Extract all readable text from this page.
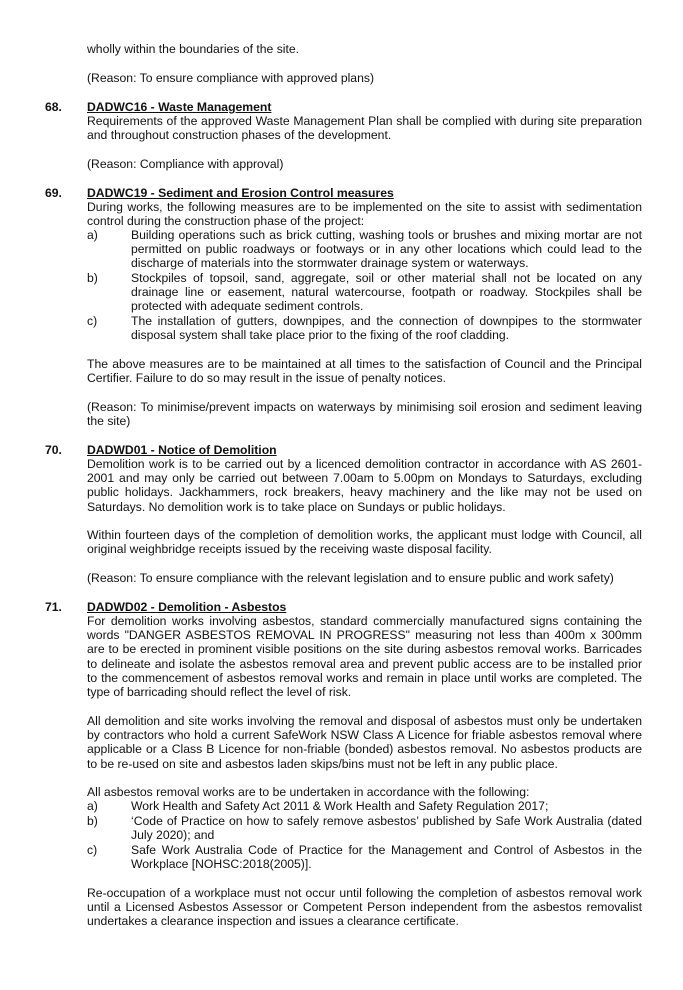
wholly within the boundaries of the site.

(Reason: To ensure compliance with approved plans)

68. DADWC16 - Waste Management

Requirements of the approved Waste Management Plan shall be complied with during site preparation and throughout construction phases of the development.

(Reason: Compliance with approval)

69. DADWC19 - Sediment and Erosion Control measures

During works, the following measures are to be implemented on the site to assist with sedimentation control during the construction phase of the project:

a)	Building operations such as brick cutting, washing tools or brushes and mixing mortar are not permitted on public roadways or footways or in any other locations which could lead to the discharge of materials into the stormwater drainage system or waterways.

b)	Stockpiles of topsoil, sand, aggregate, soil or other material shall not be located on any drainage line or easement, natural watercourse, footpath or roadway. Stockpiles shall be protected with adequate sediment controls.

c)	The installation of gutters, downpipes, and the connection of downpipes to the stormwater disposal system shall take place prior to the fixing of the roof cladding.

The above measures are to be maintained at all times to the satisfaction of Council and the Principal Certifier. Failure to do so may result in the issue of penalty notices.

(Reason: To minimise/prevent impacts on waterways by minimising soil erosion and sediment leaving the site)

70. DADWD01 - Notice of Demolition

Demolition work is to be carried out by a licenced demolition contractor in accordance with AS 2601-2001 and may only be carried out between 7.00am to 5.00pm on Mondays to Saturdays, excluding public holidays. Jackhammers, rock breakers, heavy machinery and the like may not be used on Saturdays. No demolition work is to take place on Sundays or public holidays.

Within fourteen days of the completion of demolition works, the applicant must lodge with Council, all original weighbridge receipts issued by the receiving waste disposal facility.

(Reason: To ensure compliance with the relevant legislation and to ensure public and work safety)

71. DADWD02 - Demolition - Asbestos

For demolition works involving asbestos, standard commercially manufactured signs containing the words "DANGER ASBESTOS REMOVAL IN PROGRESS" measuring not less than 400m x 300mm are to be erected in prominent visible positions on the site during asbestos removal works. Barricades to delineate and isolate the asbestos removal area and prevent public access are to be installed prior to the commencement of asbestos removal works and remain in place until works are completed. The type of barricading should reflect the level of risk.

All demolition and site works involving the removal and disposal of asbestos must only be undertaken by contractors who hold a current SafeWork NSW Class A Licence for friable asbestos removal where applicable or a Class B Licence for non-friable (bonded) asbestos removal. No asbestos products are to be re-used on site and asbestos laden skips/bins must not be left in any public place.

All asbestos removal works are to be undertaken in accordance with the following:

a)	Work Health and Safety Act 2011 & Work Health and Safety Regulation 2017;

b)	‘Code of Practice on how to safely remove asbestos’ published by Safe Work Australia (dated July 2020); and

c)	Safe Work Australia Code of Practice for the Management and Control of Asbestos in the Workplace [NOHSC:2018(2005)].

Re-occupation of a workplace must not occur until following the completion of asbestos removal work until a Licensed Asbestos Assessor or Competent Person independent from the asbestos removalist undertakes a clearance inspection and issues a clearance certificate.
